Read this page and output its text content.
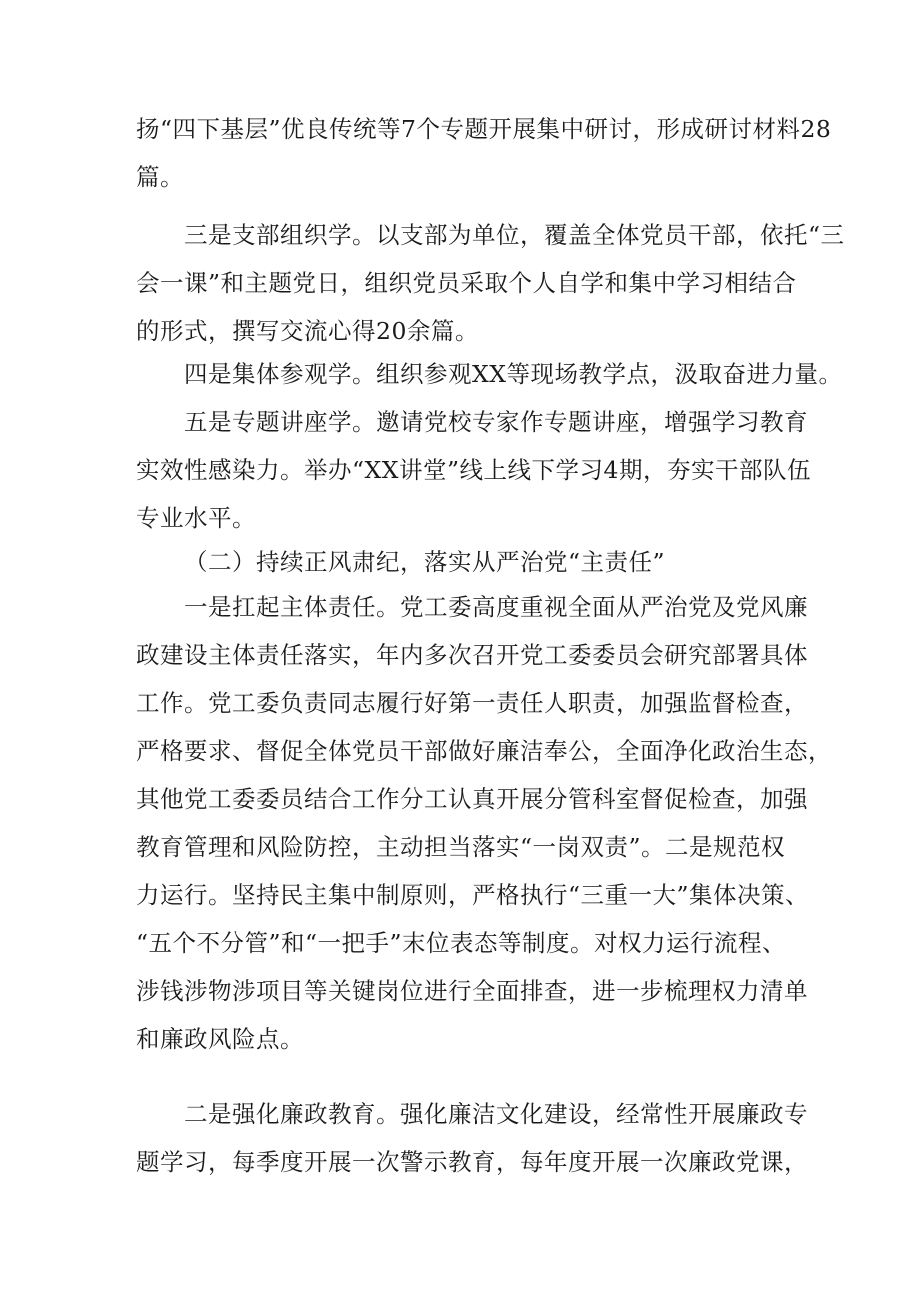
扬“四下基层”优良传统等7个专题开展集中研讨，形成研讨材料28
篇。

三是支部组织学。以支部为单位，覆盖全体党员干部，依托“三
会一课”和主题党日，组织党员采取个人自学和集中学习相结合
的形式，撰写交流心得20余篇。

四是集体参观学。组织参观XX等现场教学点，汲取奋进力量。

五是专题讲座学。邀请党校专家作专题讲座，增强学习教育
实效性感染力。举办“XX讲堂”线上线下学习4期，夯实干部队伍
专业水平。

（二）持续正风肃纪，落实从严治党“主责任”

一是扛起主体责任。党工委高度重视全面从严治党及党风廉
政建设主体责任落实，年内多次召开党工委委员会研究部署具体
工作。党工委负责同志履行好第一责任人职责，加强监督检查，
严格要求、督促全体党员干部做好廉洁奉公，全面净化政治生态，
其他党工委委员结合工作分工认真开展分管科室督促检查，加强
教育管理和风险防控，主动担当落实“一岗双责”。二是规范权
力运行。坚持民主集中制原则，严格执行“三重一大”集体决策、
“五个不分管”和“一把手”末位表态等制度。对权力运行流程、
涉钱涉物涉项目等关键岗位进行全面排查，进一步梳理权力清单
和廉政风险点。

二是强化廉政教育。强化廉洁文化建设，经常性开展廉政专
题学习，每季度开展一次警示教育，每年度开展一次廉政党课，
